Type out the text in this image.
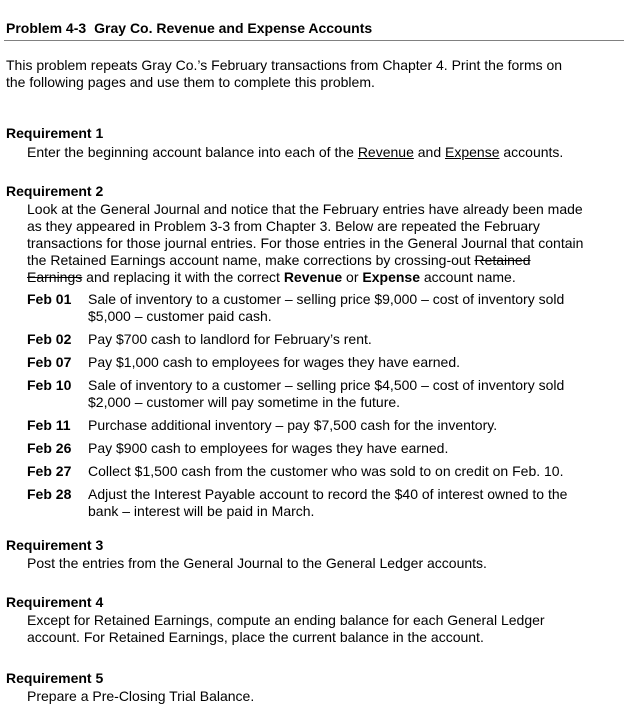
Problem 4-3 Gray Co. Revenue and Expense Accounts
This problem repeats Gray Co.’s February transactions from Chapter 4. Print the forms on
the following pages and use them to complete this problem.
Requirement 1
Enter the beginning account balance into each of the Revenue and Expense accounts.
Requirement 2
Look at the General Journal and notice that the February entries have already been made
as they appeared in Problem 3-3 from Chapter 3. Below are repeated the February
transactions for those journal entries. For those entries in the General Journal that contain
the Retained Earnings account name, make corrections by crossing-out Retained
Earnings and replacing it with the correct Revenue or Expense account name.
Feb 01 Sale of inventory to a customer – selling price $9,000 – cost of inventory sold
$5,000 – customer paid cash.
Feb 02 Pay $700 cash to landlord for February’s rent.
Feb 07 Pay $1,000 cash to employees for wages they have earned.
Feb 10 Sale of inventory to a customer – selling price $4,500 – cost of inventory sold
$2,000 – customer will pay sometime in the future.
Feb 11 Purchase additional inventory – pay $7,500 cash for the inventory.
Feb 26 Pay $900 cash to employees for wages they have earned.
Feb 27 Collect $1,500 cash from the customer who was sold to on credit on Feb. 10.
Feb 28 Adjust the Interest Payable account to record the $40 of interest owned to the
bank – interest will be paid in March.
Requirement 3
Post the entries from the General Journal to the General Ledger accounts.
Requirement 4
Except for Retained Earnings, compute an ending balance for each General Ledger
account. For Retained Earnings, place the current balance in the account.
Requirement 5
Prepare a Pre-Closing Trial Balance.
